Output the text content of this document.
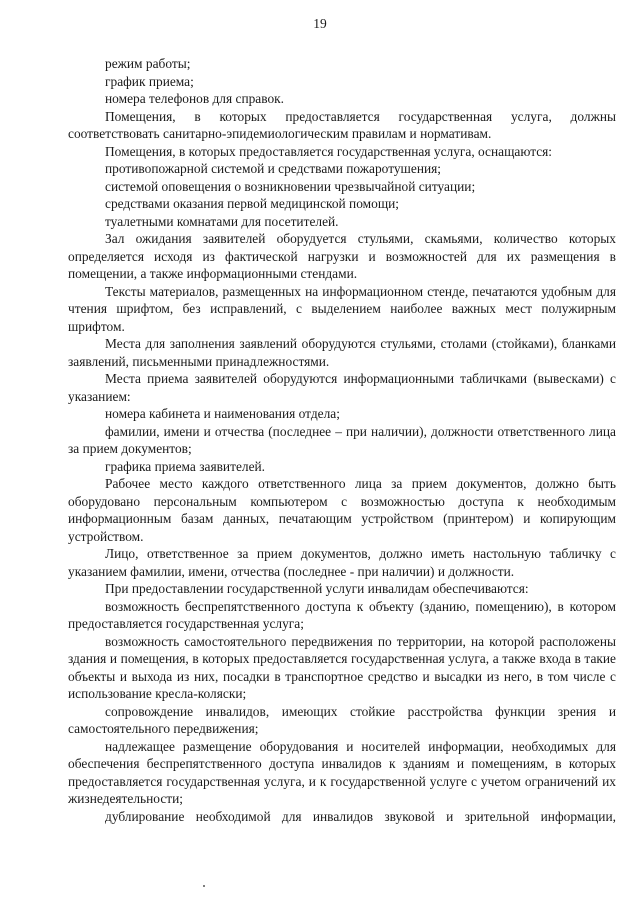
19

режим работы;

график приема;

номера телефонов для справок.

Помещения, в которых предоставляется государственная услуга, должны соответствовать санитарно-эпидемиологическим правилам и нормативам.

Помещения, в которых предоставляется государственная услуга, оснащаются:

противопожарной системой и средствами пожаротушения;

системой оповещения о возникновении чрезвычайной ситуации;

средствами оказания первой медицинской помощи;

туалетными комнатами для посетителей.

Зал ожидания заявителей оборудуется стульями, скамьями, количество которых определяется исходя из фактической нагрузки и возможностей для их размещения в помещении, а также информационными стендами.

Тексты материалов, размещенных на информационном стенде, печатаются удобным для чтения шрифтом, без исправлений, с выделением наиболее важных мест полужирным шрифтом.

Места для заполнения заявлений оборудуются стульями, столами (стойками), бланками заявлений, письменными принадлежностями.

Места приема заявителей оборудуются информационными табличками (вывесками) с указанием:

номера кабинета и наименования отдела;

фамилии, имени и отчества (последнее – при наличии), должности ответственного лица за прием документов;

графика приема заявителей.

Рабочее место каждого ответственного лица за прием документов, должно быть оборудовано персональным компьютером с возможностью доступа к необходимым информационным базам данных, печатающим устройством (принтером) и копирующим устройством.

Лицо, ответственное за прием документов, должно иметь настольную табличку с указанием фамилии, имени, отчества (последнее - при наличии) и должности.

При предоставлении государственной услуги инвалидам обеспечиваются:

возможность беспрепятственного доступа к объекту (зданию, помещению), в котором предоставляется государственная услуга;

возможность самостоятельного передвижения по территории, на которой расположены здания и помещения, в которых предоставляется государственная услуга, а также входа в такие объекты и выхода из них, посадки в транспортное средство и высадки из него, в том числе с использование кресла-коляски;

сопровождение инвалидов, имеющих стойкие расстройства функции зрения и самостоятельного передвижения;

надлежащее размещение оборудования и носителей информации, необходимых для обеспечения беспрепятственного доступа инвалидов к зданиям и помещениям, в которых предоставляется государственная услуга, и к государственной услуге с учетом ограничений их жизнедеятельности;

дублирование необходимой для инвалидов звуковой и зрительной информации,
